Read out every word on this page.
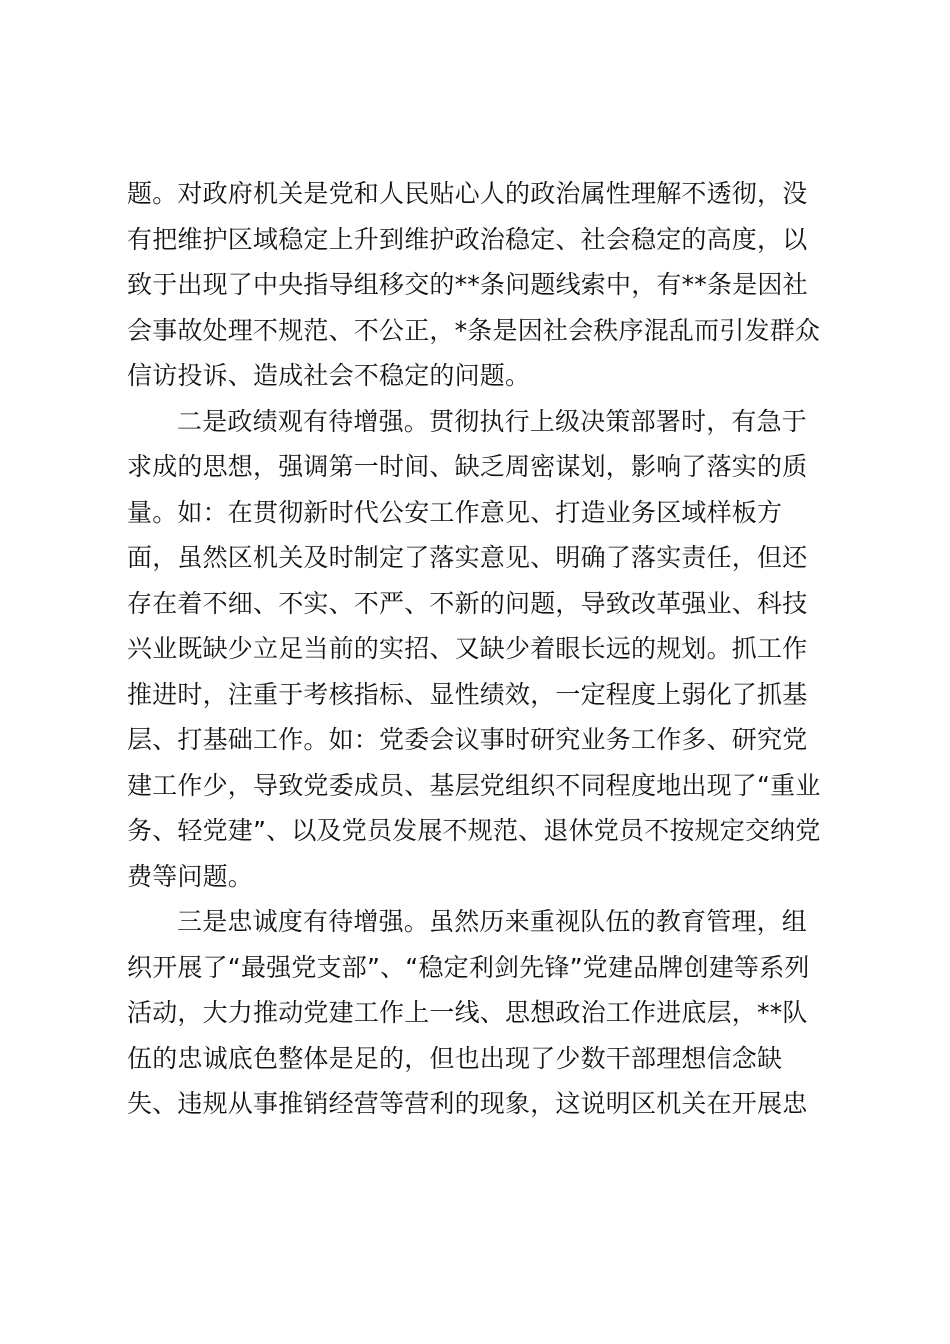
题。对政府机关是党和人民贴心人的政治属性理解不透彻，没
有把维护区域稳定上升到维护政治稳定、社会稳定的高度，以
致于出现了中央指导组移交的**条问题线索中，有**条是因社
会事故处理不规范、不公正，*条是因社会秩序混乱而引发群众
信访投诉、造成社会不稳定的问题。
二是政绩观有待增强。贯彻执行上级决策部署时，有急于
求成的思想，强调第一时间、缺乏周密谋划，影响了落实的质
量。如：在贯彻新时代公安工作意见、打造业务区域样板方
面，虽然区机关及时制定了落实意见、明确了落实责任，但还
存在着不细、不实、不严、不新的问题，导致改革强业、科技
兴业既缺少立足当前的实招、又缺少着眼长远的规划。抓工作
推进时，注重于考核指标、显性绩效，一定程度上弱化了抓基
层、打基础工作。如：党委会议事时研究业务工作多、研究党
建工作少，导致党委成员、基层党组织不同程度地出现了“重业
务、轻党建”、以及党员发展不规范、退休党员不按规定交纳党
费等问题。
三是忠诚度有待增强。虽然历来重视队伍的教育管理，组
织开展了“最强党支部”、“稳定利剑先锋”党建品牌创建等系列
活动，大力推动党建工作上一线、思想政治工作进底层，**队
伍的忠诚底色整体是足的，但也出现了少数干部理想信念缺
失、违规从事推销经营等营利的现象，这说明区机关在开展忠
